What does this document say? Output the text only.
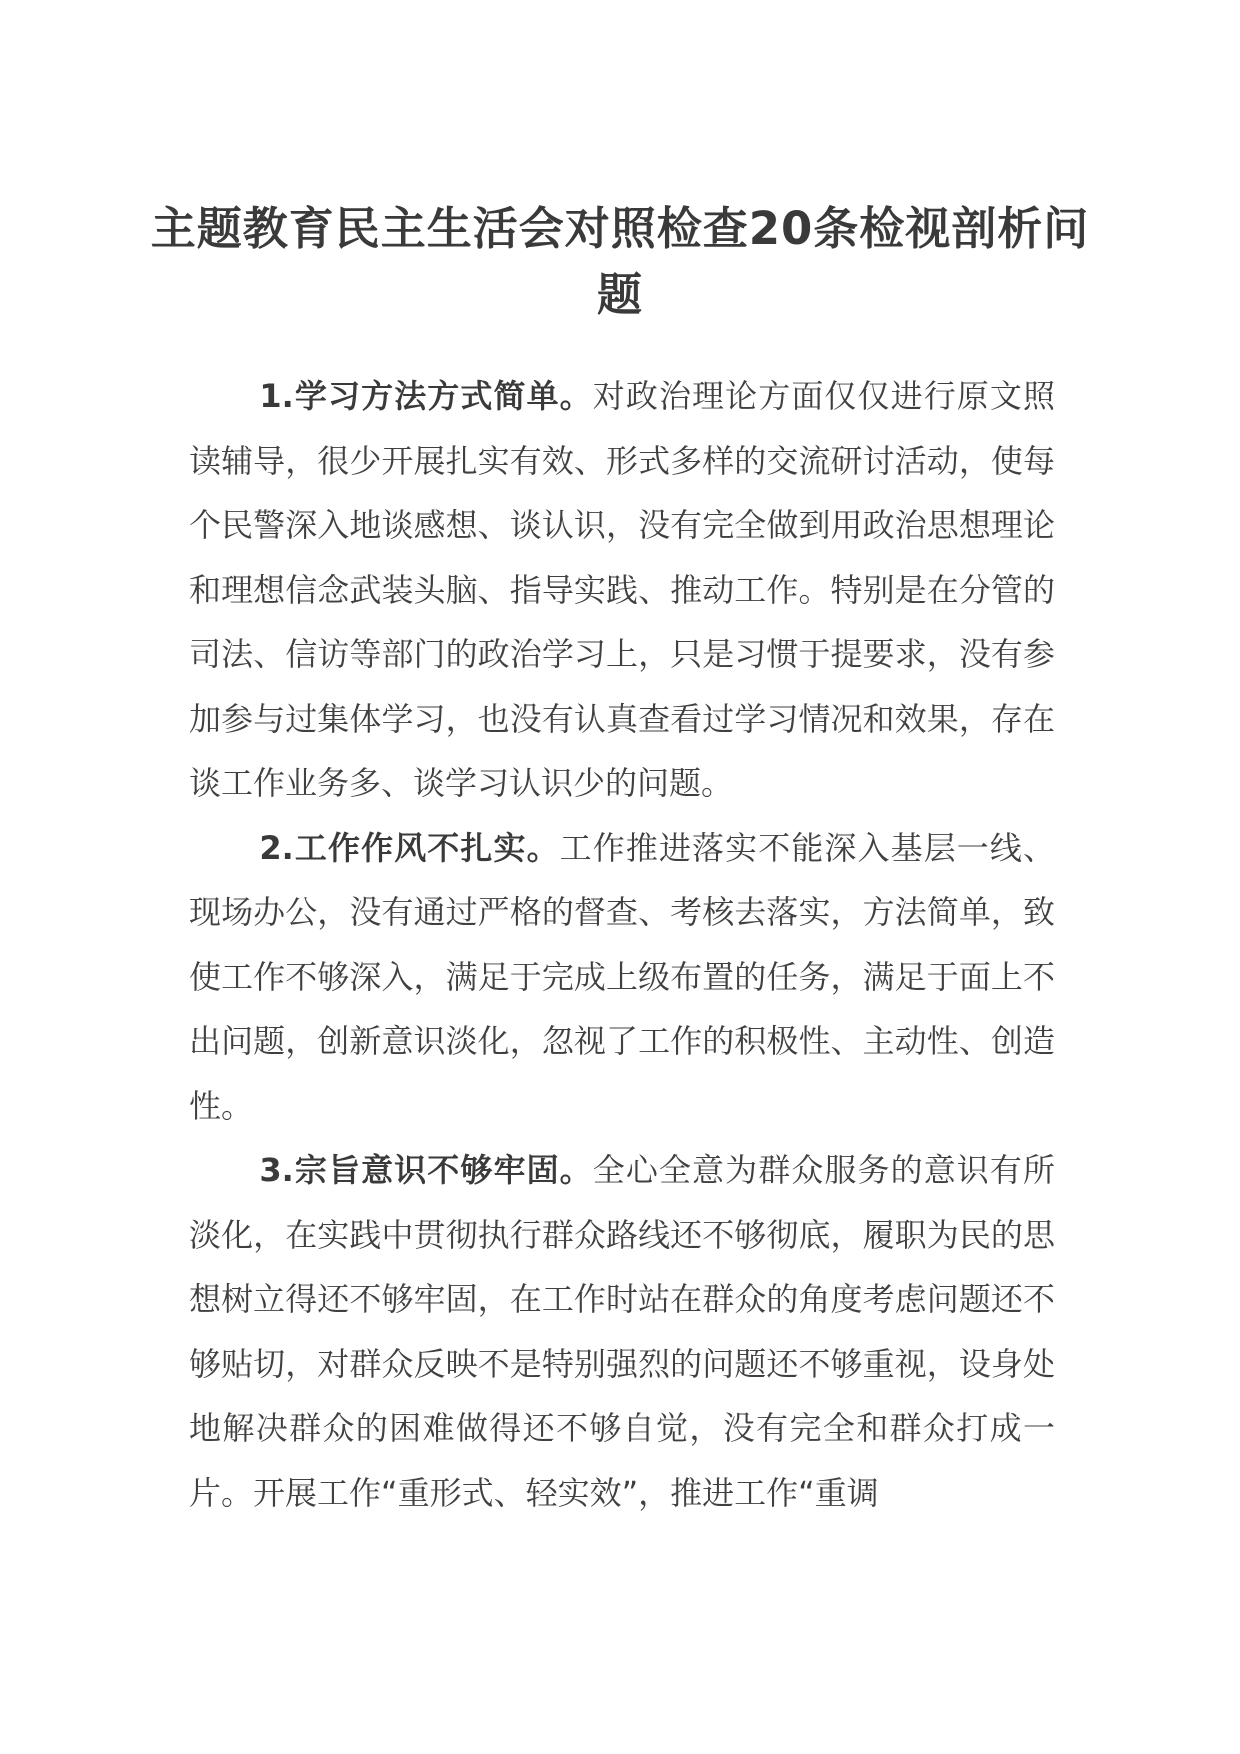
主题教育民主生活会对照检查20条检视剖析问题

1.学习方法方式简单。对政治理论方面仅仅进行原文照读辅导，很少开展扎实有效、形式多样的交流研讨活动，使每个民警深入地谈感想、谈认识，没有完全做到用政治思想理论和理想信念武装头脑、指导实践、推动工作。特别是在分管的司法、信访等部门的政治学习上，只是习惯于提要求，没有参加参与过集体学习，也没有认真查看过学习情况和效果，存在谈工作业务多、谈学习认识少的问题。

2.工作作风不扎实。工作推进落实不能深入基层一线、现场办公，没有通过严格的督查、考核去落实，方法简单，致使工作不够深入，满足于完成上级布置的任务，满足于面上不出问题，创新意识淡化，忽视了工作的积极性、主动性、创造性。

3.宗旨意识不够牢固。全心全意为群众服务的意识有所淡化，在实践中贯彻执行群众路线还不够彻底，履职为民的思想树立得还不够牢固，在工作时站在群众的角度考虑问题还不够贴切，对群众反映不是特别强烈的问题还不够重视，设身处地解决群众的困难做得还不够自觉，没有完全和群众打成一片。开展工作“重形式、轻实效”，推进工作“重调
